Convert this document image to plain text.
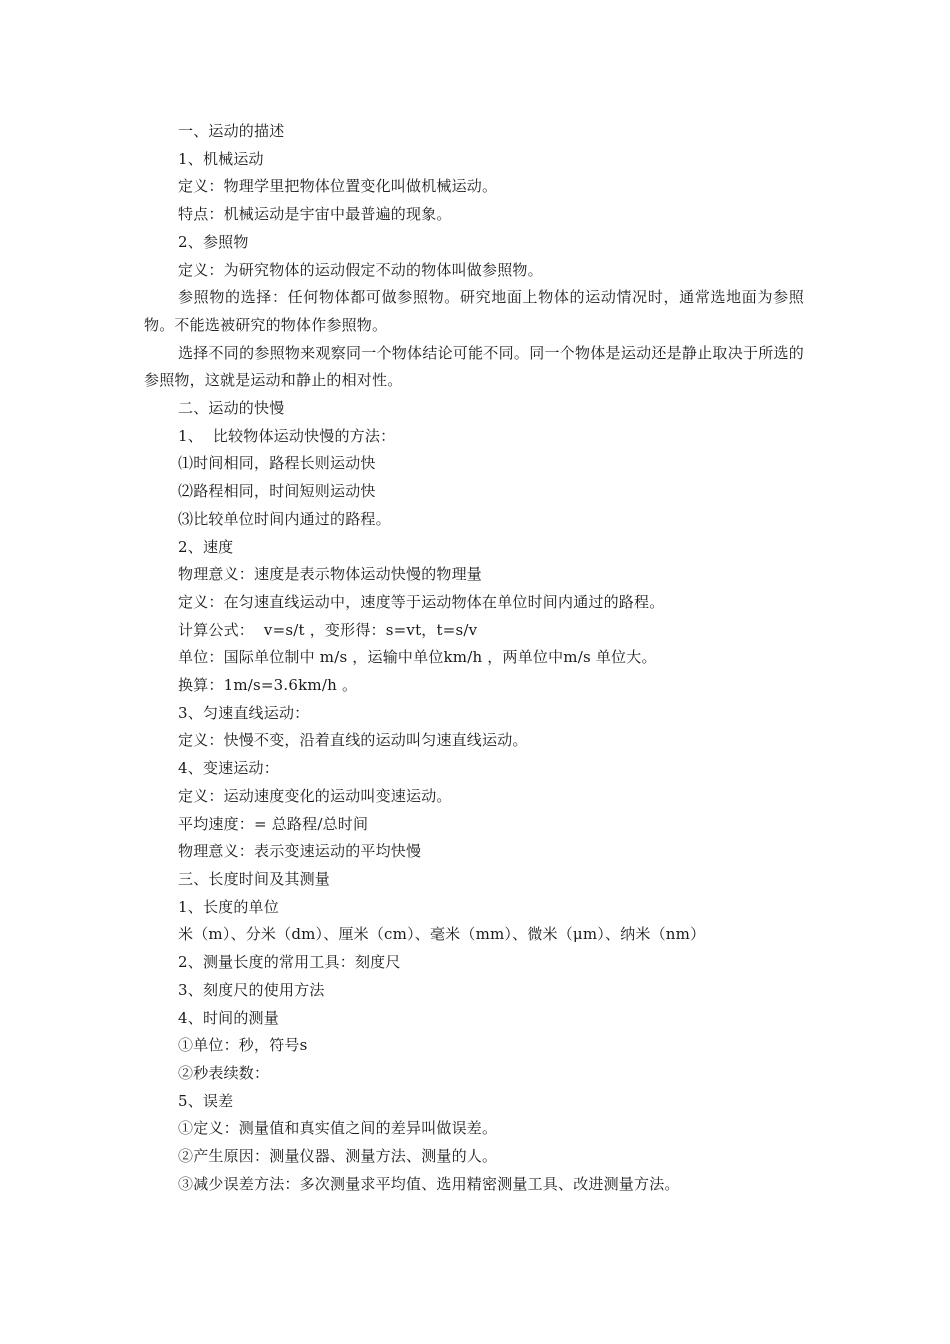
一、运动的描述
1、机械运动
定义：物理学里把物体位置变化叫做机械运动。
特点：机械运动是宇宙中最普遍的现象。
2、参照物
定义：为研究物体的运动假定不动的物体叫做参照物。
参照物的选择：任何物体都可做参照物。研究地面上物体的运动情况时，通常选地面为参照物。不能选被研究的物体作参照物。
选择不同的参照物来观察同一个物体结论可能不同。同一个物体是运动还是静止取决于所选的参照物，这就是运动和静止的相对性。
二、运动的快慢
1、  比较物体运动快慢的方法：
⑴时间相同，路程长则运动快
⑵路程相同，时间短则运动快
⑶比较单位时间内通过的路程。
2、速度
物理意义：速度是表示物体运动快慢的物理量
定义：在匀速直线运动中，速度等于运动物体在单位时间内通过的路程。
计算公式：  v=s/t ，变形得：s=vt，t=s/v
单位：国际单位制中 m/s ，运输中单位km/h ，两单位中m/s 单位大。
换算：1m/s=3.6km/h 。
3、匀速直线运动：
定义：快慢不变，沿着直线的运动叫匀速直线运动。
4、变速运动：
定义：运动速度变化的运动叫变速运动。
平均速度：= 总路程/总时间
物理意义：表示变速运动的平均快慢
三、长度时间及其测量
1、长度的单位
米（m）、分米（dm）、厘米（cm）、毫米（mm）、微米（μm）、纳米（nm）
2、测量长度的常用工具：刻度尺
3、刻度尺的使用方法
4、时间的测量
①单位：秒，符号s
②秒表续数：
5、误差
①定义：测量值和真实值之间的差异叫做误差。
②产生原因：测量仪器、测量方法、测量的人。
③减少误差方法：多次测量求平均值、选用精密测量工具、改进测量方法。
